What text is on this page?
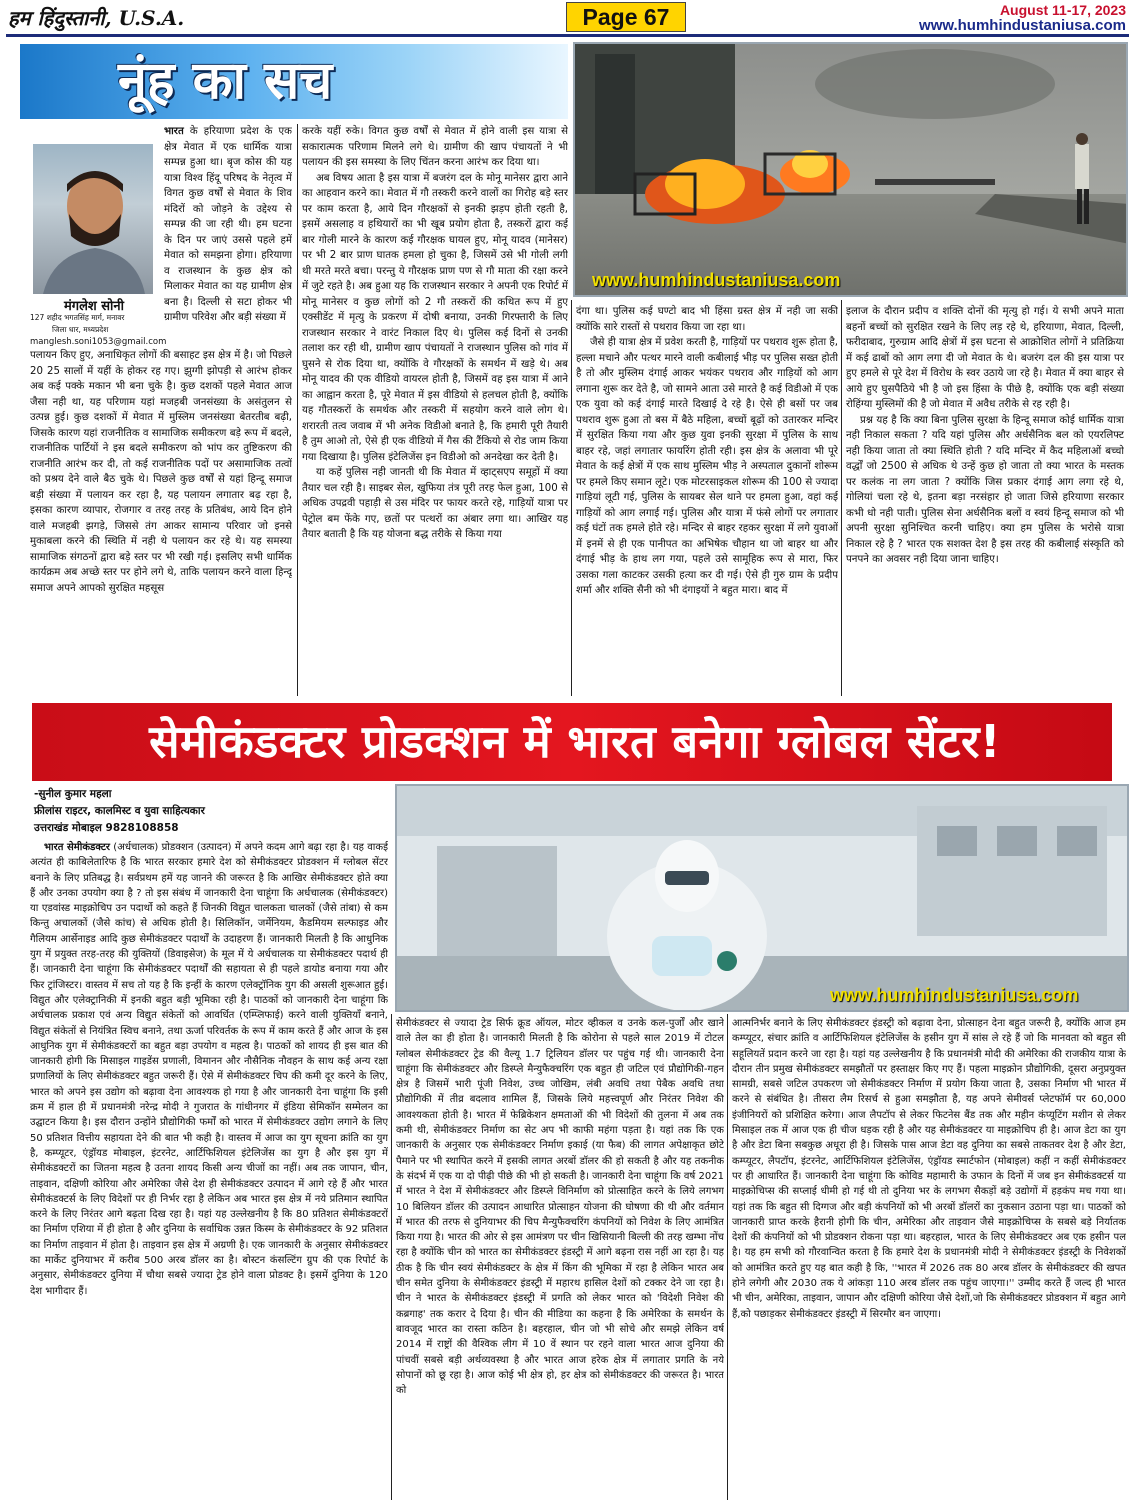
हम हिंदुस्तानी, U.S.A.	Page 67	August 11-17, 2023
www.humhindustaniusa.com
नूंह का सच
www.humhindustaniusa.com
मंगलेश सोनी
127 शहीद भगतसिंह मार्ग, मनावर
जिला धार, मध्यप्रदेश
manglesh.soni1053@gmail.com

भारत के हरियाणा प्रदेश के एक क्षेत्र मेवात में एक धार्मिक यात्रा सम्पन्न हुआ था। बृज कोस की यह यात्रा विश्व हिंदू परिषद के नेतृत्व में विगत कुछ वर्षों से मेवात के शिव मंदिरों को जोड़ने के उद्देश्य से सम्पन्न की जा रही थी। हम घटना के दिन पर जाएं उससे पहले हमें मेवात को समझना होगा। हरियाणा व राजस्थान के कुछ क्षेत्र को मिलाकर मेवात का यह ग्रामीण क्षेत्र बना है। दिल्ली से सटा होकर भी ग्रामीण परिवेश और बड़ी संख्या में

पलायन किए हुए, अनाधिकृत लोगों की बसाहट इस क्षेत्र में है। जो पिछले 20 25 सालों में यहीं के होकर रह गए। झुग्गी झोपड़ी से आरंभ होकर अब कई पक्के मकान भी बना चुके है। कुछ दशकों पहले मेवात आज जैसा नही था, यह परिणाम यहां मजहबी जनसंख्या के असंतुलन से उत्पन्न हुई। कुछ दशकों में मेवात में मुस्लिम जनसंख्या बेतरतीब बढ़ी, जिसके कारण यहां राजनीतिक व सामाजिक समीकरण बड़े रूप में बदले, राजनीतिक पार्टियों ने इस बदले समीकरण को भांप कर तुष्टिकरण की राजनीति आरंभ कर दी, तो कई राजनीतिक पदों पर असामाजिक तत्वों को प्रश्रय देने वाले बैठ चुके थे। पिछले कुछ वर्षों से यहां हिन्दू समाज बड़ी संख्या में पलायन कर रहा है, यह पलायन लगातार बढ़ रहा है, इसका कारण व्यापार, रोजगार व तरह तरह के प्रतिबंध, आये दिन होने वाले मजहबी झगड़े, जिससे तंग आकर सामान्य परिवार जो इनसे मुकाबला करने की स्थिति में नही थे पलायन कर रहे थे। यह समस्या सामाजिक संगठनों द्वारा बड़े स्तर पर भी रखी गई। इसलिए सभी धार्मिक कार्यक्रम अब अच्छे स्तर पर होने लगे थे, ताकि पलायन करने वाला हिन्दू समाज अपने आपको सुरक्षित महसूस

करके यहीं रुके। विगत कुछ वर्षों से मेवात में होने वाली इस यात्रा से सकारात्मक परिणाम मिलने लगे थे। ग्रामीण की खाप पंचायतों ने भी पलायन की इस समस्या के लिए चिंतन करना आरंभ कर दिया था।

अब विषय आता है इस यात्रा में बजरंग दल के मोनू मानेसर द्वारा आने का आहवान करने का। मेवात में गौ तस्करी करने वालों का गिरोह बड़े स्तर पर काम करता है, आये दिन गौरक्षकों से इनकी झड़प होती रहती है, इसमें असलाह व हथियारों का भी खूब प्रयोग होता है, तस्करों द्वारा कई बार गोली मारने के कारण कई गौरक्षक घायल हुए, मोनू यादव (मानेसर) पर भी 2 बार प्राण घातक हमला हो चुका है, जिसमें उसे भी गोली लगी थी मरते मरते बचा। परन्तु ये गौरक्षक प्राण पण से गौ माता की रक्षा करने में जुटे रहते है। अब हुआ यह कि राजस्थान सरकार ने अपनी एक रिपोर्ट में मोनू मानेसर व कुछ लोगों को 2 गौ तस्करों की कथित रूप में हुए एक्सीडेंट में मृत्यु के प्रकरण में दोषी बनाया, उनकी गिरफ्तारी के लिए राजस्थान सरकार ने वारंट निकाल दिए थे। पुलिस कई दिनों से उनकी तलाश कर रही थी, ग्रामीण खाप पंचायतों ने राजस्थान पुलिस को गांव में घुसने से रोक दिया था, क्योंकि वे गौरक्षकों के समर्थन में खड़े थे। अब मोनू यादव की एक वीडियो वायरल होती है, जिसमें वह इस यात्रा में आने का आह्वान करता है, पूरे मेवात में इस वीडियो से हलचल होती है, क्योंकि यह गौतस्करों के समर्थक और तस्करी में सहयोग करने वाले लोग थे। शरारती तत्व जवाब में भी अनेक विडीओ बनाते है, कि हमारी पूरी तैयारी है तुम आओ तो, ऐसे ही एक वीडियो में गैस की टैंकियो से रोड जाम किया गया दिखाया है। पुलिस इंटेलिजेंस इन विडीओ को अनदेखा कर देती है।

या कहें पुलिस नही जानती थी कि मेवात में व्हाट्सएप समूहों में क्या तैयार चल रही है। साइबर सेल, खुफिया तंत्र पूरी तरह फेल हुआ, 100 से अधिक उपद्रवी पहाड़ी से उस मंदिर पर फायर करते रहे, गाड़ियों यात्रा पर पेट्रोल बम फेंके गए, छतों पर पत्थरों का अंबार लगा था। आखिर यह तैयार बताती है कि यह योजना बद्ध तरीके से किया गया

दंगा था। पुलिस कई घण्टो बाद भी हिंसा ग्रस्त क्षेत्र में नही जा सकी क्योंकि सारे रास्तों से पथराव किया जा रहा था।

जैसे ही यात्रा क्षेत्र में प्रवेश करती है, गाड़ियों पर पथराव शुरू होता है, हल्ला मचाने और पत्थर मारने वाली कबीलाई भीड़ पर पुलिस सख्त होती है तो और मुस्लिम दंगाई आकर भयंकर पथराव और गाड़ियों को आग लगाना शुरू कर देते है, जो सामने आता उसे मारते है कई विडीओ में एक एक युवा को कई दंगाई मारते दिखाई दे रहे है। ऐसे ही बसों पर जब पथराव शुरू हुआ तो बस में बैठे महिला, बच्चों बूढ़ों को उतारकर मन्दिर में सुरक्षित किया गया और कुछ युवा इनकी सुरक्षा में पुलिस के साथ बाहर रहे, जहां लगातार फायरिंग होती रही। इस क्षेत्र के अलावा भी पूरे मेवात के कई क्षेत्रों में एक साथ मुस्लिम भीड़ ने अस्पताल दुकानों शोरूम पर हमले किए समान लूटे। एक मोटरसाइकल शोरूम की 100 से ज्यादा गाड़ियां लूटी गई, पुलिस के सायबर सेल थाने पर हमला हुआ, वहां कई गाड़ियों को आग लगाई गई। पुलिस और यात्रा में फंसे लोगों पर लगातार कई घंटों तक हमले होते रहे। मन्दिर से बाहर रहकर सुरक्षा में लगे युवाओं में इनमें से ही एक पानीपत का अभिषेक चौहान था जो बाहर था और दंगाई भीड़ के हाथ लग गया, पहले उसे सामूहिक रूप से मारा, फिर उसका गला काटकर उसकी हत्या कर दी गई। ऐसे ही गुरु ग्राम के प्रदीप शर्मा और शक्ति सैनी को भी दंगाइयों ने बहुत मारा। बाद में

इलाज के दौरान प्रदीप व शक्ति दोनों की मृत्यु हो गई। ये सभी अपने माता बहनों बच्चों को सुरक्षित रखने के लिए लड़ रहे थे, हरियाणा, मेवात, दिल्ली, फरीदाबाद, गुरुग्राम आदि क्षेत्रों में इस घटना से आक्रोशित लोगों ने प्रतिक्रिया में कई ढाबों को आग लगा दी जो मेवात के थे। बजरंग दल की इस यात्रा पर हुए हमले से पूरे देश में विरोध के स्वर उठाये जा रहे है। मेवात में क्या बाहर से आये हुए घुसपैठिये भी है जो इस हिंसा के पीछे है, क्योंकि एक बड़ी संख्या रोहिंग्या मुस्लिमों की है जो मेवात में अवैध तरीके से रह रही है।

प्रश्न यह है कि क्या बिना पुलिस सुरक्षा के हिन्दू समाज कोई धार्मिक यात्रा नही निकाल सकता ? यदि यहां पुलिस और अर्धसैनिक बल को एयरलिफ्ट नही किया जाता तो क्या स्थिति होती ? यदि मन्दिर में कैद महिलाओं बच्चो वर्द्धों जो 2500 से अधिक थे उन्हें कुछ हो जाता तो क्या भारत के मस्तक पर कलंक ना लग जाता ? क्योंकि जिस प्रकार दंगाई आग लगा रहे थे, गोलियां चला रहे थे, इतना बड़ा नरसंहार हो जाता जिसे हरियाणा सरकार कभी धो नही पाती। पुलिस सेना अर्धसैनिक बलों व स्वयं हिन्दू समाज को भी अपनी सुरक्षा सुनिश्चित करनी चाहिए। क्या हम पुलिस के भरोसे यात्रा निकाल रहे है ? भारत एक सशक्त देश है इस तरह की कबीलाई संस्कृति को पनपने का अवसर नही दिया जाना चाहिए।

सेमीकंडक्टर प्रोडक्शन में भारत बनेगा ग्लोबल सेंटर!
-सुनील कुमार महला
फ्रीलांस राइटर, कालमिस्ट व युवा साहित्यकार
उत्तराखंड मोबाइल 9828108858
www.humhindustaniusa.com

भारत सेमीकंडक्टर (अर्धचालक) प्रोडक्शन (उत्पादन) में अपने कदम आगे बढ़ा रहा है। यह वाकई अत्यंत ही काबिलेतारिफ है कि भारत सरकार हमारे देश को सेमीकंडक्टर प्रोडक्शन में ग्लोबल सेंटर बनाने के लिए प्रतिबद्ध है। सर्वप्रथम हमें यह जानने की जरूरत है कि आखिर सेमीकंडक्टर होते क्या हैं और उनका उपयोग क्या है ? तो इस संबंध में जानकारी देना चाहूंगा कि अर्धचालक (सेमीकंडक्टर) या एडवांस्ड माइक्रोचिप उन पदार्थो को कहते हैं जिनकी विद्युत चालकता चालकों (जैसे तांबा) से कम किन्तु अचालकों (जैसे कांच) से अधिक होती है। सिलिकॉन, जर्मेनियम, कैडमियम सल्फाइड और गैलियम आर्सेनाइड आदि कुछ सेमीकंडक्टर पदार्थों के उदाहरण हैं। जानकारी मिलती है कि आधुनिक युग में प्रयुक्त तरह-तरह की युक्तियों (डिवाइसेज) के मूल में ये अर्धचालक या सेमीकंडक्टर पदार्थ ही हैं। जानकारी देना चाहूंगा कि सेमीकंडक्टर पदार्थों की सहायता से ही पहले डायोड बनाया गया और फिर ट्रांजिस्टर। वास्तव में सच तो यह है कि इन्हीं के कारण एलेक्ट्रॉनिक युग की असली शुरूआत हुई। विद्युत और एलेक्ट्रानिकी में इनकी बहुत बड़ी भूमिका रही है। पाठकों को जानकारी देना चाहूंगा कि अर्धचालक प्रकाश एवं अन्य विद्युत संकेतों को आवर्धित (एम्प्लिफाई) करने वाली युक्तियाँ बनाने, विद्युत संकेतों से नियंत्रित स्विच बनाने, तथा ऊर्जा परिवर्तक के रूप में काम करते हैं और आज के इस आधुनिक युग में सेमीकंडक्टरों का बहुत बड़ा उपयोग व महत्व है। पाठकों को शायद ही इस बात की जानकारी होगी कि मिसाइल गाइडेंस प्रणाली, विमानन और नौसैनिक नौवहन के साथ कई अन्य रक्षा प्रणालियों के लिए सेमीकंडक्टर बहुत जरूरी हैं। ऐसे में सेमीकंडक्टर चिप की कमी दूर करने के लिए, भारत को अपने इस उद्योग को बढ़ावा देना आवश्यक हो गया है और जानकारी देना चाहूंगा कि इसी क्रम में हाल ही में प्रधानमंत्री नरेन्द्र मोदी ने गुजरात के गांधीनगर में इंडिया सेमिकॉन सम्मेलन का उद्घाटन किया है। इस दौरान उन्होंने प्रौद्योगिकी फर्मों को भारत में सेमीकंडक्टर उद्योग लगाने के लिए 50 प्रतिशत वित्तीय सहायता देने की बात भी कही है। वास्तव में आज का युग सूचना क्रांति का युग है, कम्प्यूटर, एंड्रॉयड मोबाइल, इंटरनेट, आर्टिफिशियल इंटेलिजेंस का युग है और इस युग में सेमीकंडक्टरों का जितना महत्व है उतना शायद किसी अन्य चीजों का नहीं। अब तक जापान, चीन, ताइवान, दक्षिणी कोरिया और अमेरिका जैसे देश ही सेमीकंडक्टर उत्पादन में आगे रहे हैं और भारत सेमीकंडक्टर्स के लिए विदेशों पर ही निर्भर रहा है लेकिन अब भारत इस क्षेत्र में नये प्रतिमान स्थापित करने के लिए निरंतर आगे बढ़ता दिख रहा है। यहां यह उल्लेखनीय है कि 80 प्रतिशत सेमीकंडक्टरों का निर्माण एशिया में ही होता है और दुनिया के सर्वाधिक उन्नत किस्म के सेमीकंडक्टर के 92 प्रतिशत का निर्माण ताइवान में होता है। ताइवान इस क्षेत्र में अग्रणी है। एक जानकारी के अनुसार सेमीकंडक्टर का मार्केट दुनियाभर में करीब 500 अरब डॉलर का है। बोस्टन कंसल्टिंग ग्रुप की एक रिपोर्ट के अनुसार, सेमीकंडक्टर दुनिया में चौथा सबसे ज्यादा ट्रेड होने वाला प्रोडक्ट है। इसमें दुनिया के 120 देश भागीदार हैं।

सेमीकंडक्टर से ज्यादा ट्रेड सिर्फ क्रूड ऑयल, मोटर व्हीकल व उनके कल-पुर्जों और खाने वाले तेल का ही होता है। जानकारी मिलती है कि कोरोना से पहले साल 2019 में टोटल ग्लोबल सेमीकंडक्टर ट्रेड की वैल्यू 1.7 ट्रिलियन डॉलर पर पहुंच गई थी। जानकारी देना चाहूंगा कि सेमीकंडक्टर और डिस्प्ले मैन्युफैक्चरिंग एक बहुत ही जटिल एवं प्रौद्योगिकी-गहन क्षेत्र है जिसमें भारी पूंजी निवेश, उच्च जोखिम, लंबी अवधि तथा पेबैक अवधि तथा प्रौद्योगिकी में तीव्र बदलाव शामिल हैं, जिसके लिये महत्त्वपूर्ण और निरंतर निवेश की आवश्यकता होती है। भारत में फेब्रिकेशन क्षमताओं की भी विदेशों की तुलना में अब तक कमी थी, सेमीकंडक्टर निर्माण का सेट अप भी काफी महंगा पड़ता है। यहां तक कि एक जानकारी के अनुसार एक सेमीकंडक्टर निर्माण इकाई (या फैब) की लागत अपेक्षाकृत छोटे पैमाने पर भी स्थापित करने में इसकी लागत अरबों डॉलर की हो सकती है और यह तकनीक के संदर्भ में एक या दो पीढ़ी पीछे की भी हो सकती है। जानकारी देना चाहूंगा कि वर्ष 2021 में भारत ने देश में सेमीकंडक्टर और डिस्प्ले विनिर्माण को प्रोत्साहित करने के लिये लगभग 10 बिलियन डॉलर की उत्पादन आधारित प्रोत्साहन योजना की घोषणा की थी और वर्तमान में भारत की तरफ से दुनियाभर की चिप मैन्युफैक्चरिंग कंपनियों को निवेश के लिए आमंत्रित किया गया है। भारत की ओर से इस आमंत्रण पर चीन खिसियानी बिल्ली की तरह खम्भा नोंच रहा है क्योंकि चीन को भारत का सेमीकंडक्टर इंडस्ट्री में आगे बढ़ना रास नहीं आ रहा है। यह ठीक है कि चीन स्वयं सेमीकंडक्टर के क्षेत्र में किंग की भूमिका में रहा है लेकिन भारत अब चीन समेत दुनिया के सेमीकंडक्टर इंडस्ट्री में महारथ हासिल देशों को टक्कर देने जा रहा है। चीन ने भारत के सेमीकंडक्टर इंडस्ट्री में प्रगति को लेकर भारत को 'विदेशी निवेश की कब्रगाह' तक करार दे दिया है। चीन की मीडिया का कहना है कि अमेरिका के समर्थन के बावजूद भारत का रास्ता कठिन है। बहरहाल, चीन जो भी सोचे और समझे लेकिन वर्ष 2014 में राष्ट्रों की वैश्विक लीग में 10 वें स्थान पर रहने वाला भारत आज दुनिया की पांचवीं सबसे बड़ी अर्थव्यवस्था है और भारत आज हरेक क्षेत्र में लगातार प्रगति के नये सोपानों को छू रहा है। आज कोई भी क्षेत्र हो, हर क्षेत्र को सेमीकंडक्टर की जरूरत है। भारत को

आत्मनिर्भर बनाने के लिए सेमीकंडक्टर इंडस्ट्री को बढ़ावा देना, प्रोत्साहन देना बहुत जरूरी है, क्योंकि आज हम कम्प्यूटर, संचार क्रांति व आर्टिफिशियल इंटेलिजेंस के हसीन युग में सांस ले रहे हैं जो कि मानवता को बहुत सी सहूलियतें प्रदान करने जा रहा है। यहां यह उल्लेखनीय है कि प्रधानमंत्री मोदी की अमेरिका की राजकीय यात्रा के दौरान तीन प्रमुख सेमीकंडक्टर समझौतों पर हस्ताक्षर किए गए हैं। पहला माइक्रोन प्रौद्योगिकी, दूसरा अनुप्रयुक्त सामग्री, सबसे जटिल उपकरण जो सेमीकंडक्टर निर्माण में प्रयोग किया जाता है, उसका निर्माण भी भारत में करने से संबंधित है। तीसरा लैम रिसर्च से हुआ समझौता है, यह अपने सेमीवर्स प्लेटफॉर्म पर 60,000 इंजीनियरों को प्रशिक्षित करेगा। आज लैपटॉप से लेकर फिटनेस बैंड तक और महीन कंप्यूटिंग मशीन से लेकर मिसाइल तक में आज एक ही चीज धड़क रही है और यह सेमीकंडक्टर या माइक्रोचिप ही है। आज डेटा का युग है और डेटा बिना सबकुछ अधूरा ही है। जिसके पास आज डेटा वह दुनिया का सबसे ताकतवर देश है और डेटा, कम्प्यूटर, लैपटॉप, इंटरनेट, आर्टिफिशियल इंटेलिजेंस, एंड्रॉयड स्मार्टफोन (मोबाइल) कहीं न कहीं सेमीकंडक्टर पर ही आधारित हैं। जानकारी देना चाहूंगा कि कोविड महामारी के उफान के दिनों में जब इन सेमीकंडक्टर्स या माइक्रोचिप्स की सप्लाई धीमी हो गई थी तो दुनिया भर के लगभग सैकड़ों बड़े उद्योगों में हड़कंप मच गया था। यहां तक कि बहुत सी दिग्गज और बड़ी कंपनियों को भी अरबों डॉलरों का नुकसान उठाना पड़ा था। पाठकों को जानकारी प्राप्त करके हैरानी होगी कि चीन, अमेरिका और ताइवान जैसे माइक्रोचिप्स के सबसे बड़े निर्यातक देशों की कंपनियों को भी प्रोडक्शन रोकना पड़ा था। बहरहाल, भारत के लिए सेमीकंडक्टर अब एक हसीन पल है। यह हम सभी को गौरवान्वित करता है कि हमारे देश के प्रधानमंत्री मोदी ने सेमीकंडक्टर इंडस्ट्री के निवेशकों को आमंत्रित करते हुए यह बात कही है कि, ''भारत में 2026 तक 80 अरब डॉलर के सेमीकंडक्टर की खपत होने लगेगी और 2030 तक ये आंकड़ा 110 अरब डॉलर तक पहुंच जाएगा।'' उम्मीद करते हैं जल्द ही भारत भी चीन, अमेरिका, ताइवान, जापान और दक्षिणी कोरिया जैसे देशों,जो कि सेमीकंडक्टर प्रोडक्शन में बहुत आगे हैं,को पछाड़कर सेमीकंडक्टर इंडस्ट्री में सिरमौर बन जाएगा।
